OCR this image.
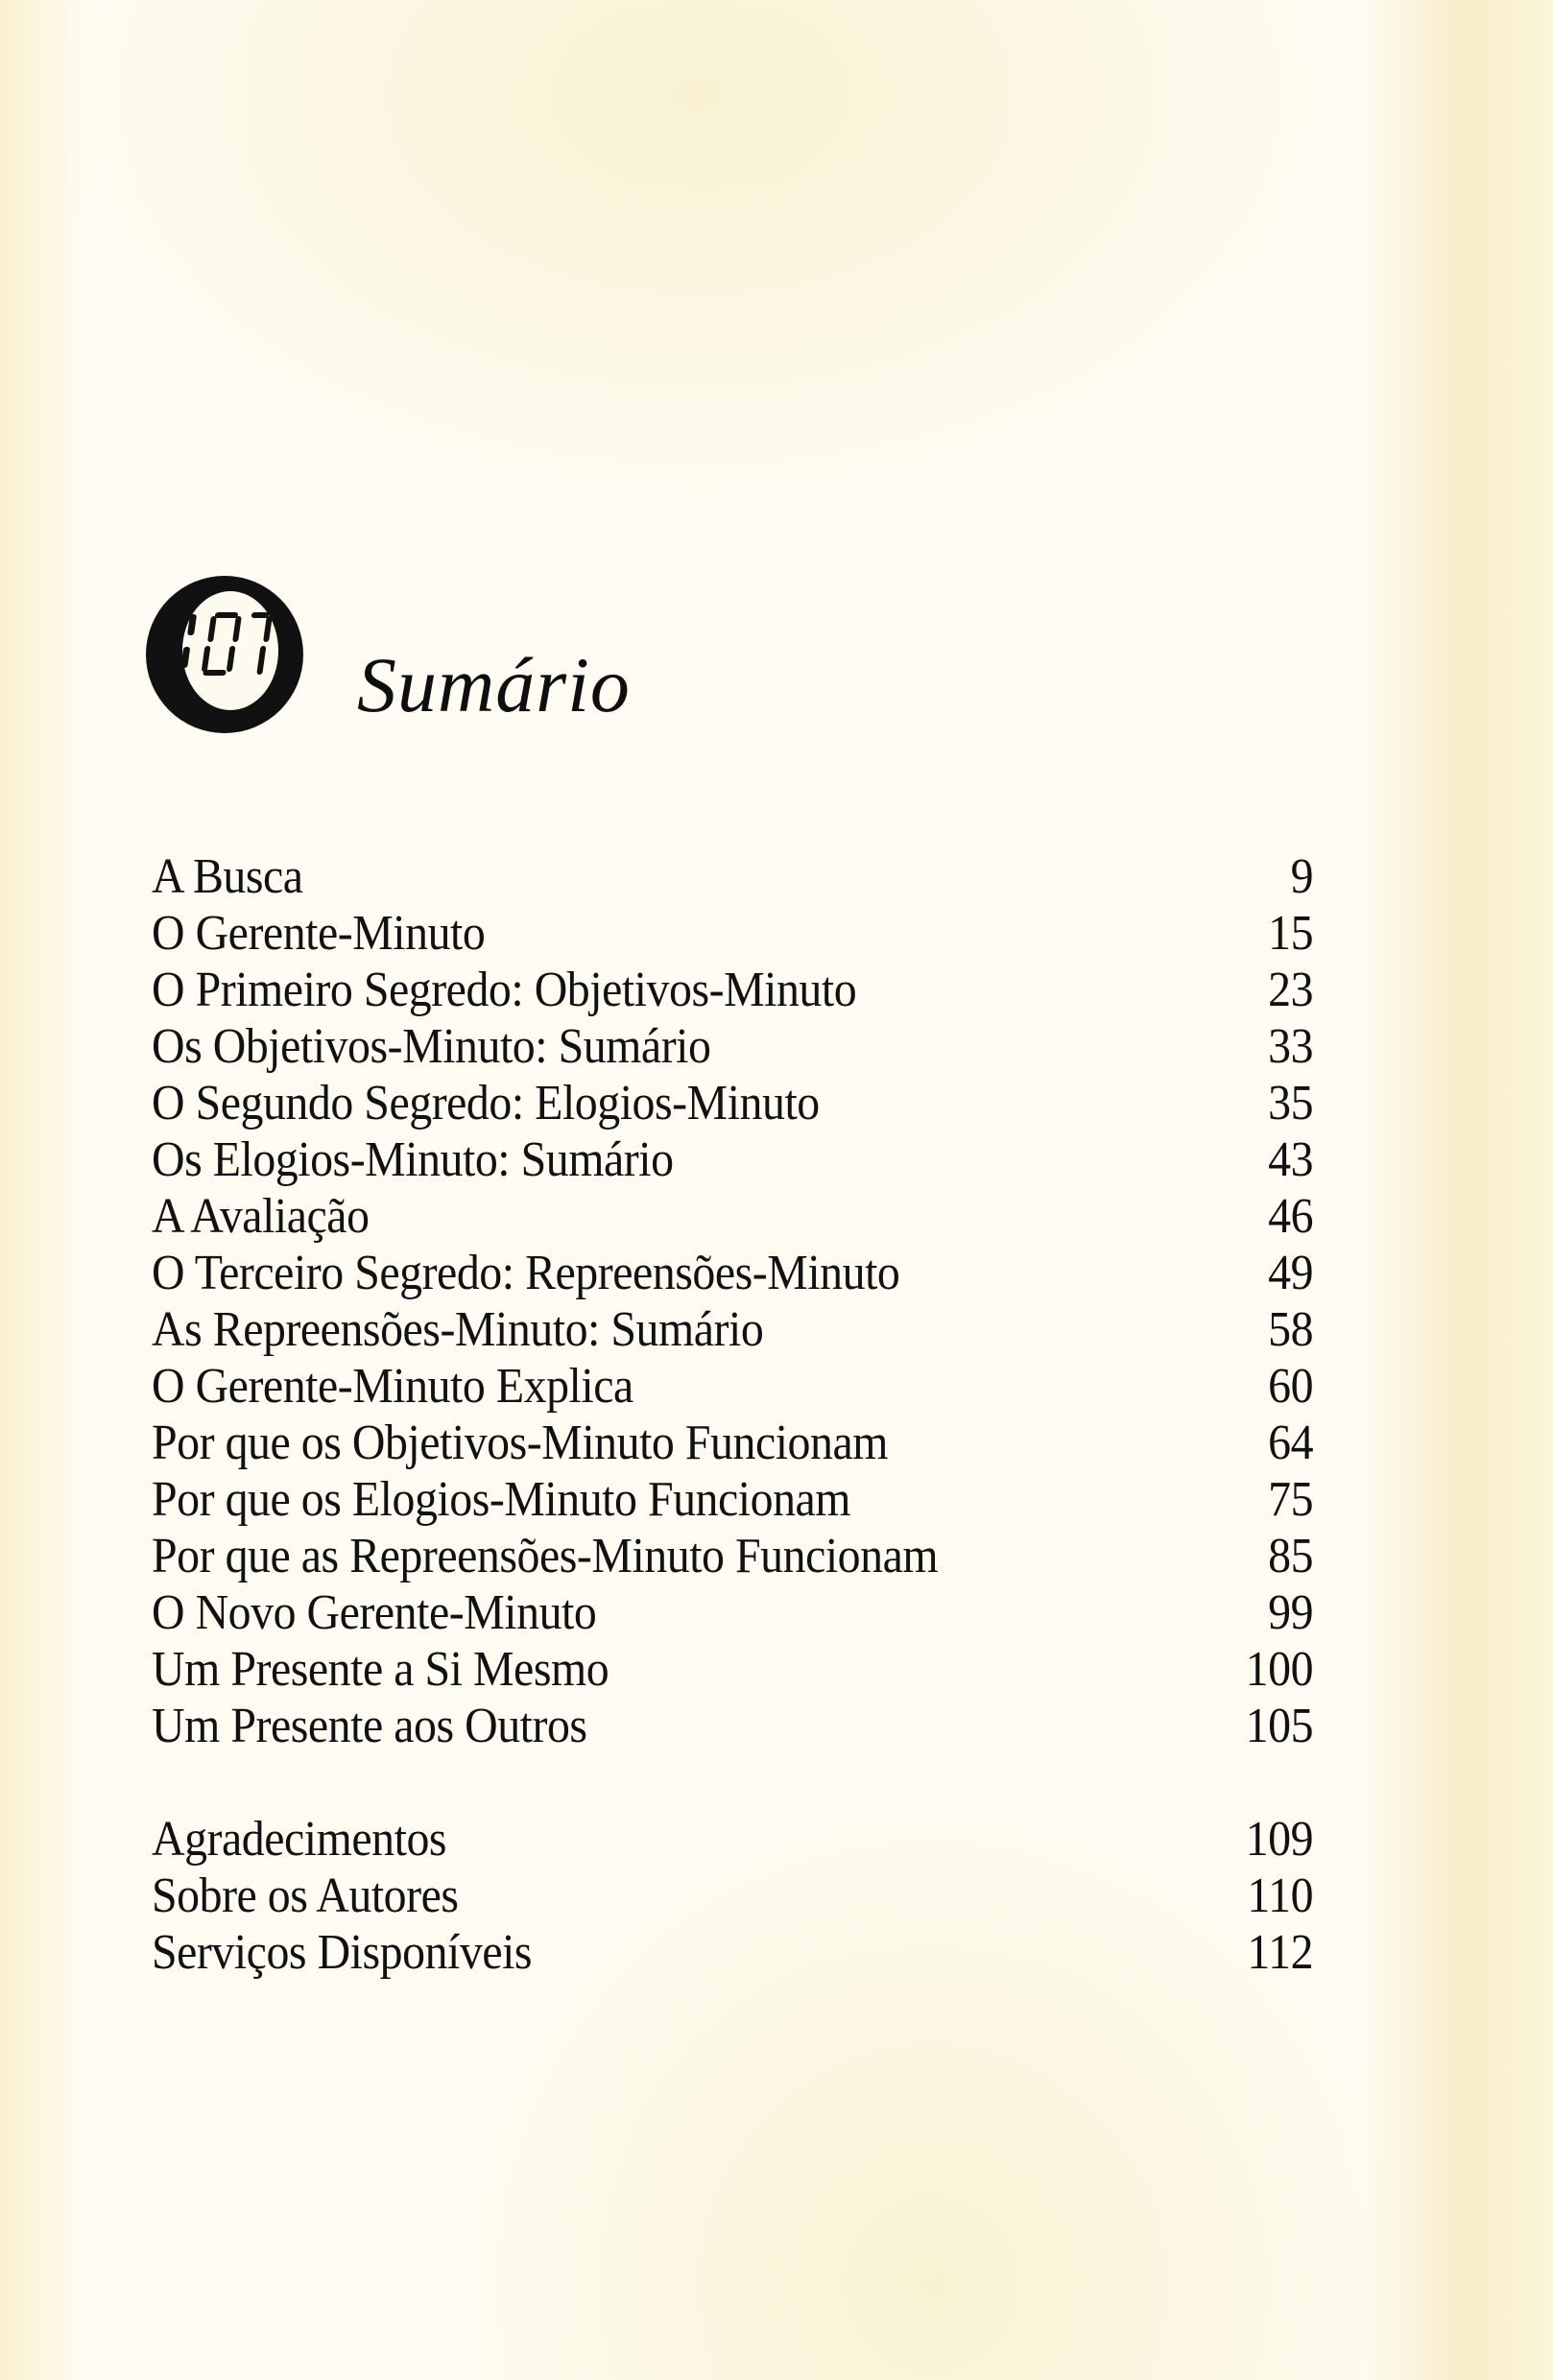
Sumário
A Busca	9
O Gerente-Minuto	15
O Primeiro Segredo: Objetivos-Minuto	23
Os Objetivos-Minuto: Sumário	33
O Segundo Segredo: Elogios-Minuto	35
Os Elogios-Minuto: Sumário	43
A Avaliação	46
O Terceiro Segredo: Repreensões-Minuto	49
As Repreensões-Minuto: Sumário	58
O Gerente-Minuto Explica	60
Por que os Objetivos-Minuto Funcionam	64
Por que os Elogios-Minuto Funcionam	75
Por que as Repreensões-Minuto Funcionam	85
O Novo Gerente-Minuto	99
Um Presente a Si Mesmo	100
Um Presente aos Outros	105
Agradecimentos	109
Sobre os Autores	110
Serviços Disponíveis	112
